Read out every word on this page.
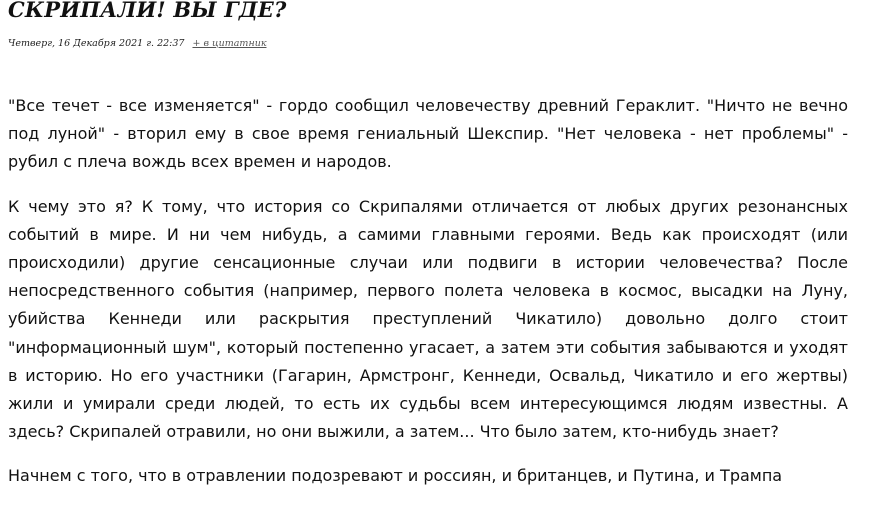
СКРИПАЛИ! ВЫ ГДЕ?
Четверг, 16 Декабря 2021 г. 22:37 + в цитатник

"Все течет - все изменяется" - гордо сообщил человечеству древний Гераклит. "Ничто не вечно под луной" - вторил ему в свое время гениальный Шекспир. "Нет человека - нет проблемы" - рубил с плеча вождь всех времен и народов.

К чему это я? К тому, что история со Скрипалями отличается от любых других резонансных событий в мире. И ни чем нибудь, а самими главными героями. Ведь как происходят (или происходили) другие сенсационные случаи или подвиги в истории человечества? После непосредственного события (например, первого полета человека в космос, высадки на Луну, убийства Кеннеди или раскрытия преступлений Чикатило) довольно долго стоит "информационный шум", который постепенно угасает, а затем эти события забываются и уходят в историю. Но его участники (Гагарин, Армстронг, Кеннеди, Освальд, Чикатило и его жертвы) жили и умирали среди людей, то есть их судьбы всем интересующимся людям известны. А здесь? Скрипалей отравили, но они выжили, а затем... Что было затем, кто-нибудь знает?

Начнем с того, что в отравлении подозревают и россиян, и британцев, и Путина, и Трампа
